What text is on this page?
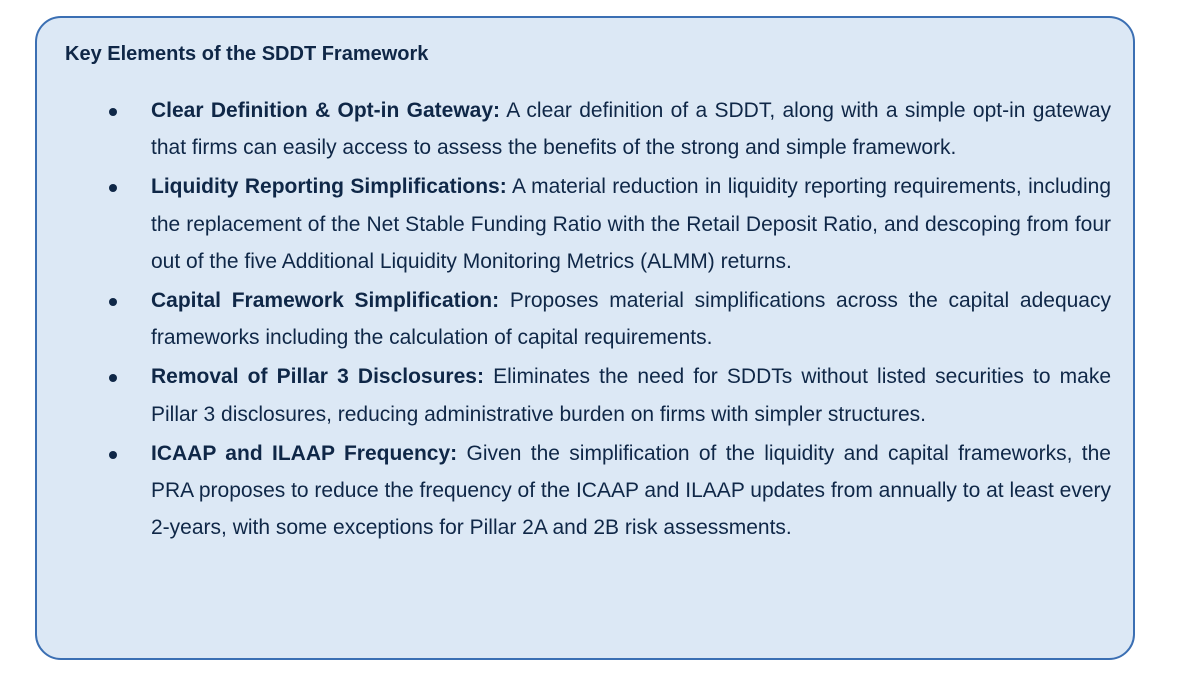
Key Elements of the SDDT Framework

Clear Definition & Opt-in Gateway: A clear definition of a SDDT, along with a simple opt-in gateway that firms can easily access to assess the benefits of the strong and simple framework.

Liquidity Reporting Simplifications: A material reduction in liquidity reporting requirements, including the replacement of the Net Stable Funding Ratio with the Retail Deposit Ratio, and descoping from four out of the five Additional Liquidity Monitoring Metrics (ALMM) returns.

Capital Framework Simplification: Proposes material simplifications across the capital adequacy frameworks including the calculation of capital requirements.

Removal of Pillar 3 Disclosures: Eliminates the need for SDDTs without listed securities to make Pillar 3 disclosures, reducing administrative burden on firms with simpler structures.

ICAAP and ILAAP Frequency: Given the simplification of the liquidity and capital frameworks, the PRA proposes to reduce the frequency of the ICAAP and ILAAP updates from annually to at least every 2-years, with some exceptions for Pillar 2A and 2B risk assessments.
